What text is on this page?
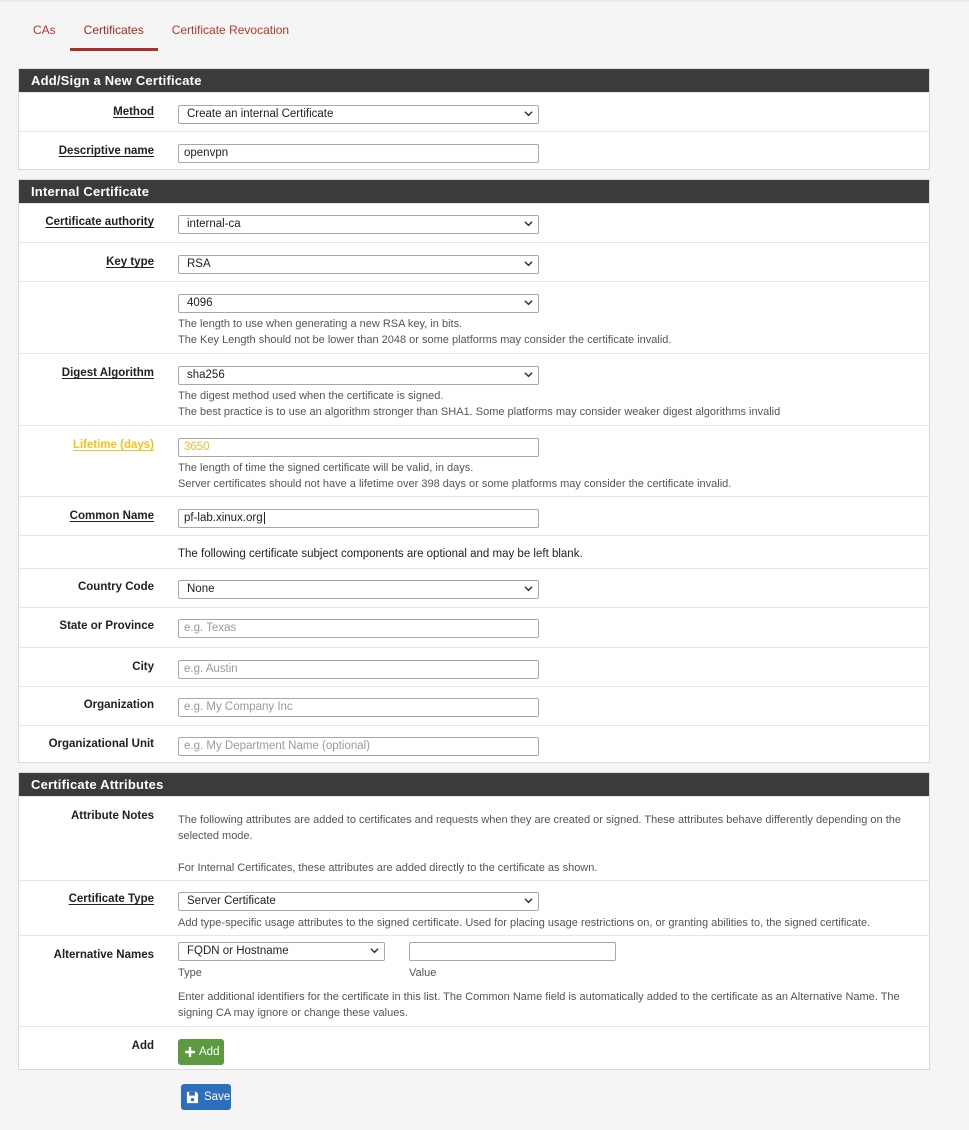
CAs	Certificates	Certificate Revocation
Add/Sign a New Certificate
Method	Create an internal Certificate
Descriptive name	openvpn
Internal Certificate
Certificate authority	internal-ca
Key type	RSA
4096
The length to use when generating a new RSA key, in bits.
The Key Length should not be lower than 2048 or some platforms may consider the certificate invalid.
Digest Algorithm	sha256
The digest method used when the certificate is signed.
The best practice is to use an algorithm stronger than SHA1. Some platforms may consider weaker digest algorithms invalid
Lifetime (days)	3650
The length of time the signed certificate will be valid, in days.
Server certificates should not have a lifetime over 398 days or some platforms may consider the certificate invalid.
Common Name	pf-lab.xinux.org
The following certificate subject components are optional and may be left blank.
Country Code	None
State or Province	e.g. Texas
City	e.g. Austin
Organization	e.g. My Company Inc
Organizational Unit	e.g. My Department Name (optional)
Certificate Attributes
Attribute Notes The following attributes are added to certificates and requests when they are created or signed. These attributes behave differently depending on the selected mode.
For Internal Certificates, these attributes are added directly to the certificate as shown.
Certificate Type	Server Certificate
Add type-specific usage attributes to the signed certificate. Used for placing usage restrictions on, or granting abilities to, the signed certificate.
Alternative Names	FQDN or Hostname
Type	Value
Enter additional identifiers for the certificate in this list. The Common Name field is automatically added to the certificate as an Alternative Name. The signing CA may ignore or change these values.
Add	Add
Save
